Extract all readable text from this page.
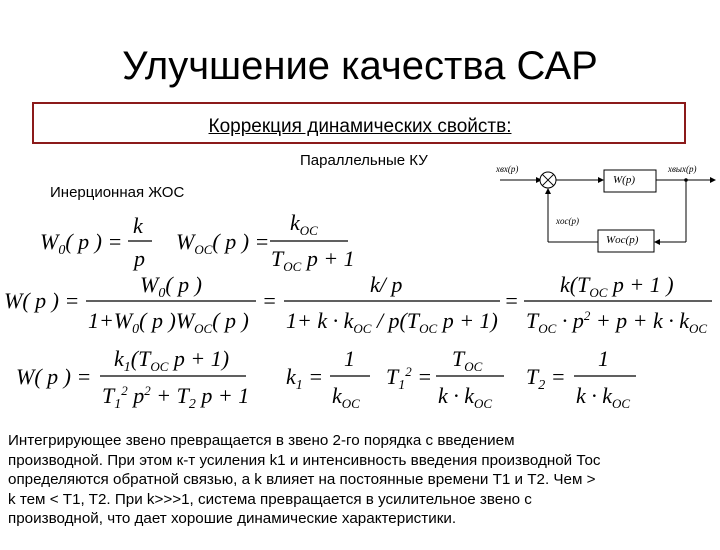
Улучшение качества САР
Коррекция динамических свойств:
Параллельные КУ
Инерционная ЖОС
xвх(p)	xвых(p)
xос(p)
W(p)
Wос(p)
$W_0$( p ) =
k
p
$W_{OC}$( p ) =
$k_{OC}$
$T_{OC}$ p + 1
W( p ) =
$W_0$( p )
$1+W_0$( p )$W_{OC}$( p )
=
k/ p
$1+ k \cdot k_{OC} / p(T_{OC}$ p + 1)
=
$k(T_{OC}$ p + 1 )
$T_{OC} \cdot p^2 + p + k \cdot k_{OC}$
W( p ) =
$k_1(T_{OC}$ p + 1)
$T_1^2$ $p^2 + T_2$ p + 1
$k_1$ =
1
$k_{OC}$
$T_1^2$ =
$T_{OC}$
$k \cdot k_{OC}$
$T_2$ =
1
$k \cdot k_{OC}$
Интегрирующее звено превращается в звено 2-го порядка с введением
производной. При этом к-т усиления k1 и интенсивность введения производной Тос
определяются обратной связью, а k влияет на постоянные времени T1 и T2. Чем >
k тем < T1, T2. При k>>>1, система превращается в усилительное звено с
производной, что дает хорошие динамические характеристики.
